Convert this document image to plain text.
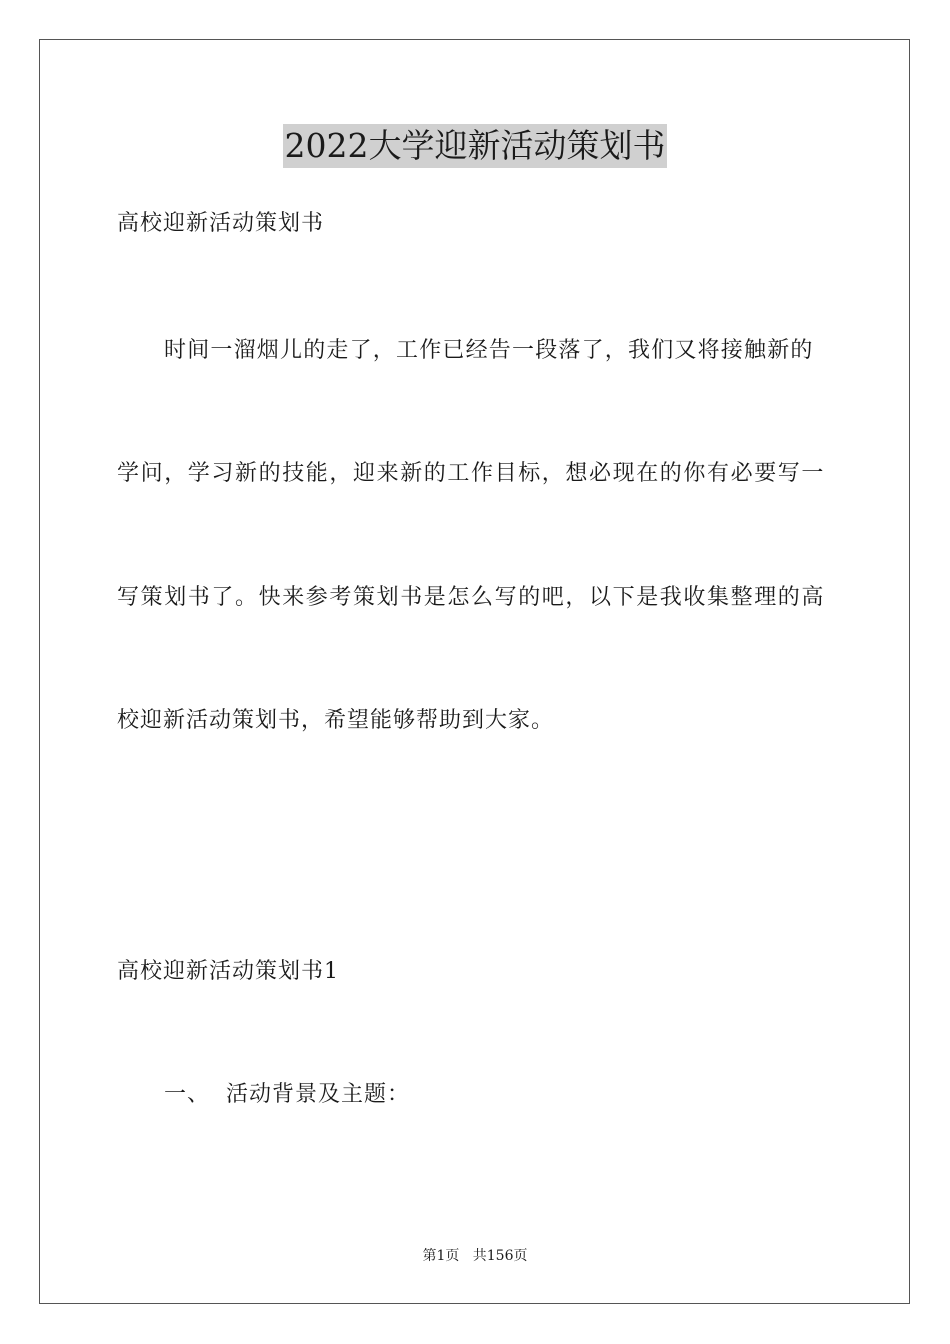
2022大学迎新活动策划书
高校迎新活动策划书
时间一溜烟儿的走了，工作已经告一段落了，我们又将接触新的
学问，学习新的技能，迎来新的工作目标，想必现在的你有必要写一
写策划书了。快来参考策划书是怎么写的吧，以下是我收集整理的高
校迎新活动策划书，希望能够帮助到大家。
高校迎新活动策划书1
一、  活动背景及主题：
第1页   共156页
